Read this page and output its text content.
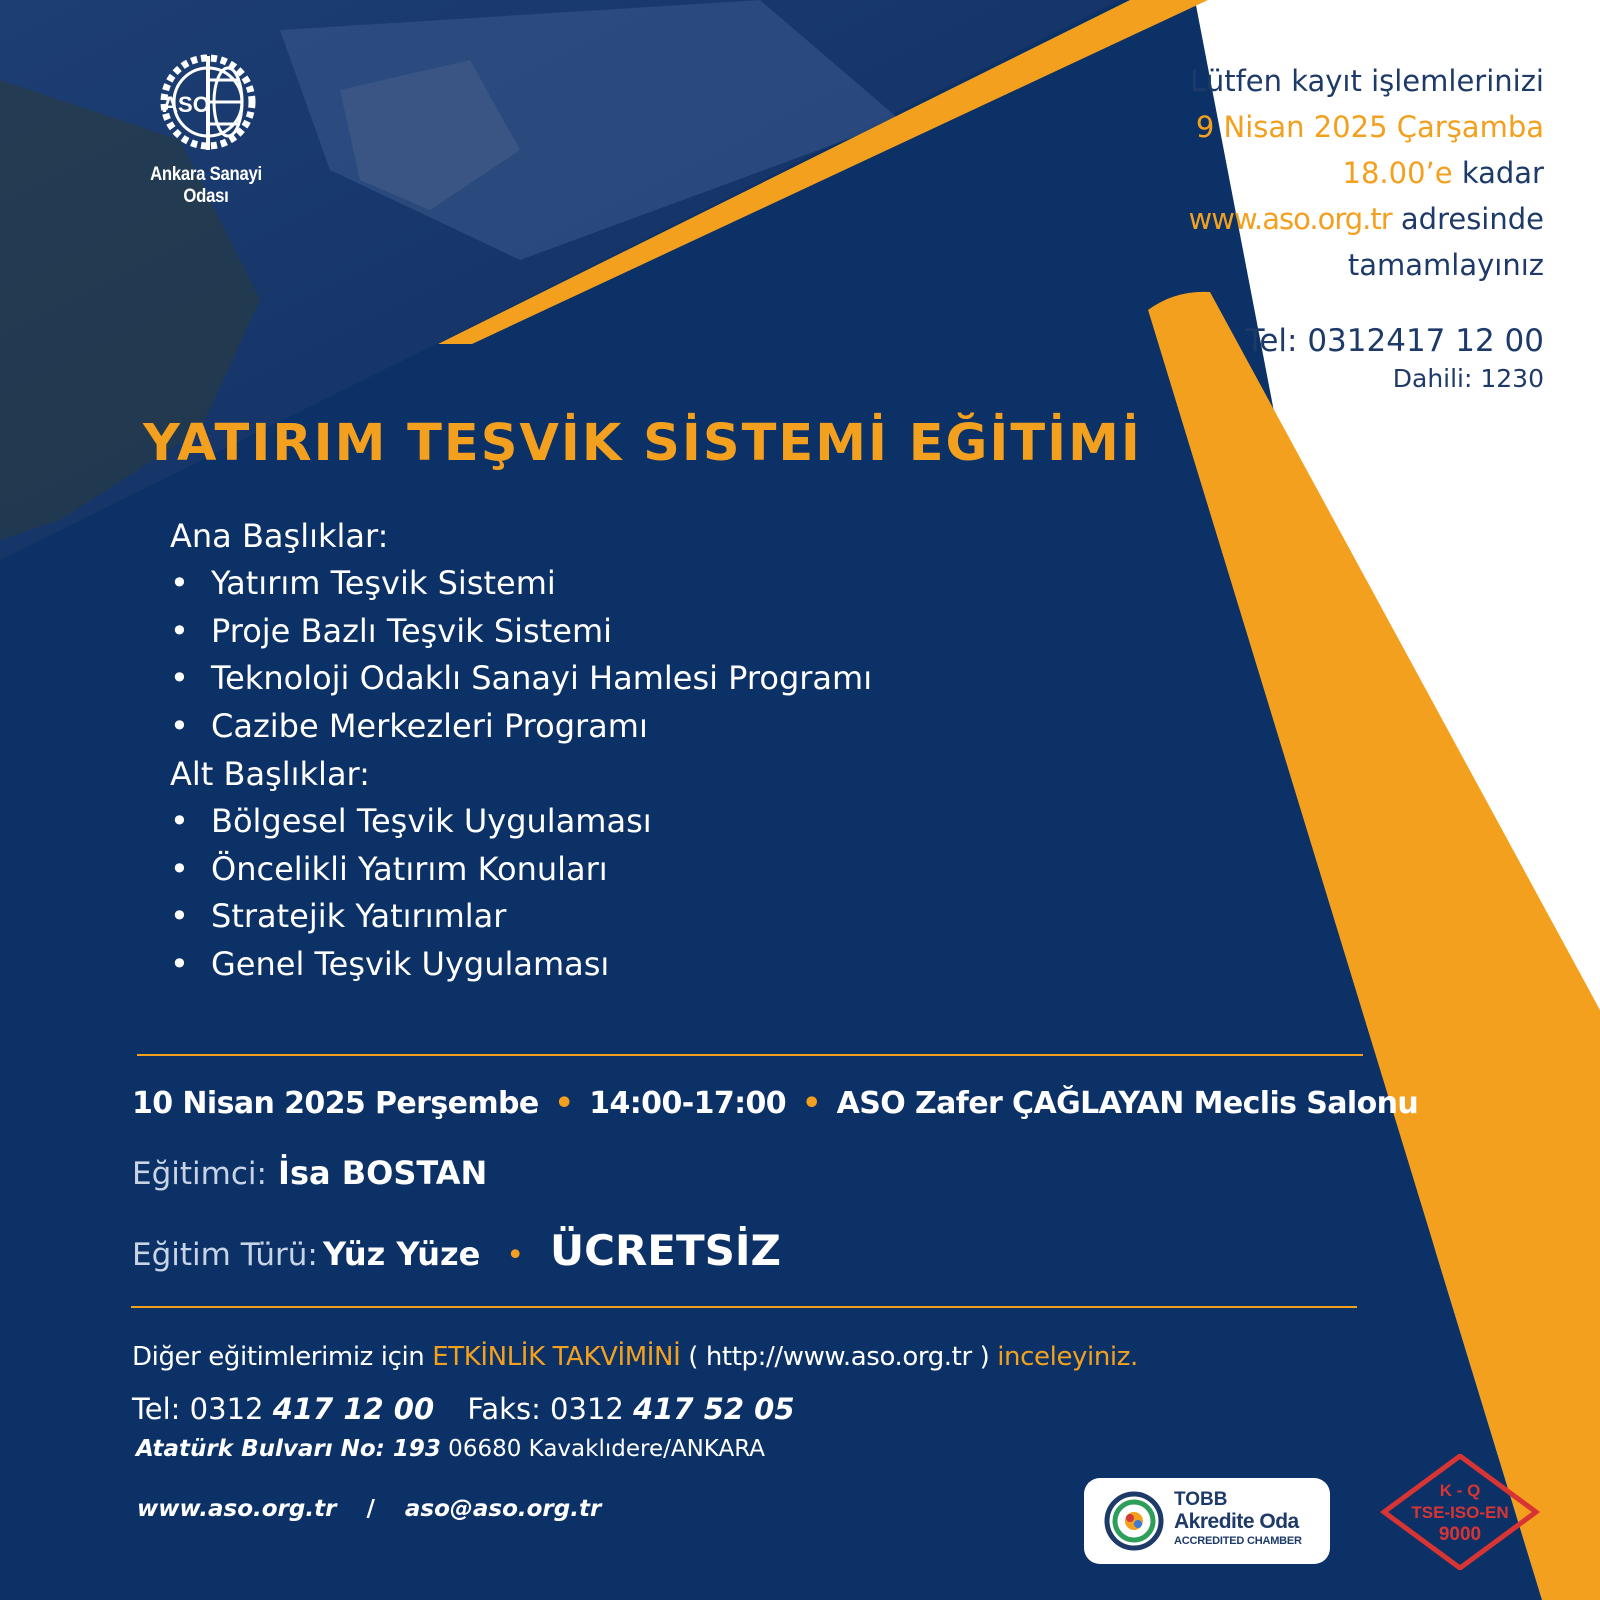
ASO
Ankara Sanayi Odası
Lütfen kayıt işlemlerinizi
9 Nisan 2025 Çarşamba
18.00’e kadar
www.aso.org.tr adresinde
tamamlayınız
Tel: 0312417 12 00
Dahili: 1230
YATIRIM TEŞVİK SİSTEMİ EĞİTİMİ
Ana Başlıklar:
• Yatırım Teşvik Sistemi
• Proje Bazlı Teşvik Sistemi
• Teknoloji Odaklı Sanayi Hamlesi Programı
• Cazibe Merkezleri Programı
Alt Başlıklar:
• Bölgesel Teşvik Uygulaması
• Öncelikli Yatırım Konuları
• Stratejik Yatırımlar
• Genel Teşvik Uygulaması
10 Nisan 2025 Perşembe • 14:00-17:00 • ASO Zafer ÇAĞLAYAN Meclis Salonu
Eğitimci: İsa BOSTAN
Eğitim Türü: Yüz Yüze • ÜCRETSİZ
Diğer eğitimlerimiz için ETKİNLİK TAKVİMİNİ ( http://www.aso.org.tr ) inceleyiniz.
Tel: 0312 417 12 00 Faks: 0312 417 52 05
Atatürk Bulvarı No: 193 06680 Kavaklıdere/ANKARA
www.aso.org.tr / aso@aso.org.tr	TOBB
Akredite Oda
ACCREDITED CHAMBER
K - Q
TSE-ISO-EN
9000
